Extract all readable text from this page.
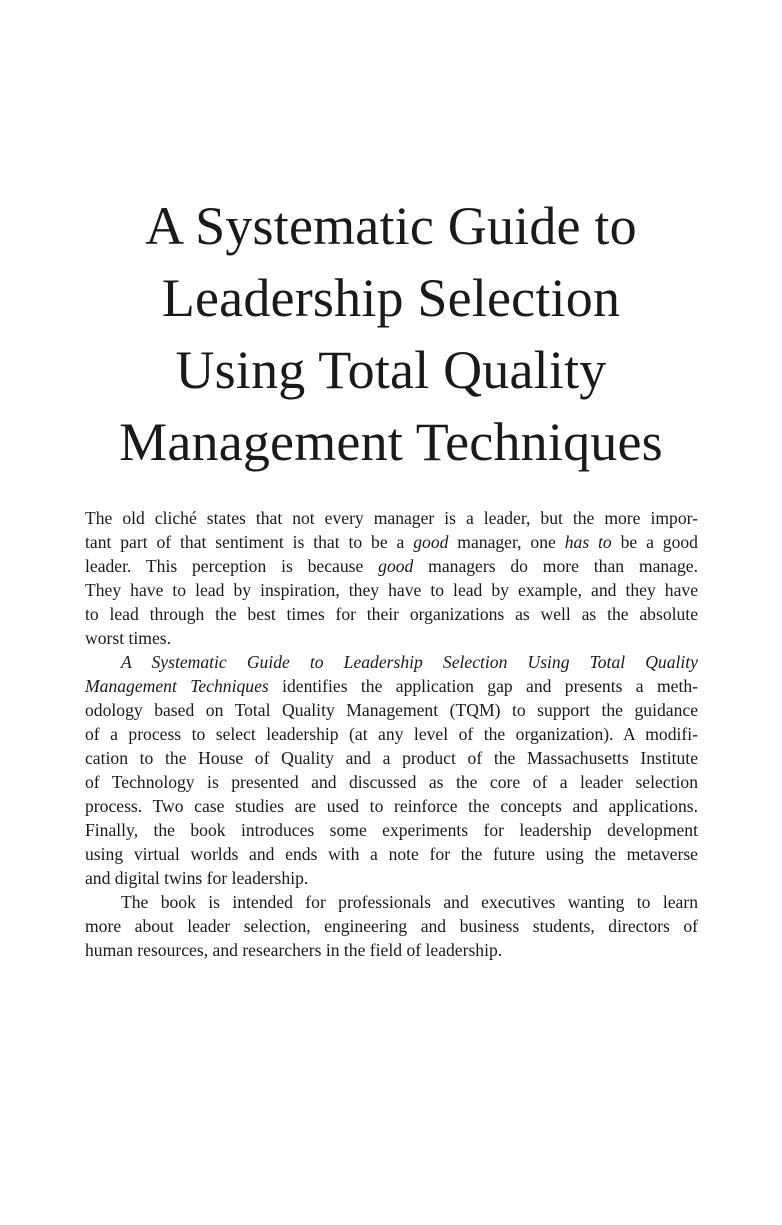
A Systematic Guide to
Leadership Selection
Using Total Quality
Management Techniques
The old cliché states that not every manager is a leader, but the more impor-
tant part of that sentiment is that to be a good manager, one has to be a good
leader. This perception is because good managers do more than manage.
They have to lead by inspiration, they have to lead by example, and they have
to lead through the best times for their organizations as well as the absolute
worst times.
A Systematic Guide to Leadership Selection Using Total Quality
Management Techniques identifies the application gap and presents a meth-
odology based on Total Quality Management (TQM) to support the guidance
of a process to select leadership (at any level of the organization). A modifi-
cation to the House of Quality and a product of the Massachusetts Institute
of Technology is presented and discussed as the core of a leader selection
process. Two case studies are used to reinforce the concepts and applications.
Finally, the book introduces some experiments for leadership development
using virtual worlds and ends with a note for the future using the metaverse
and digital twins for leadership.
The book is intended for professionals and executives wanting to learn
more about leader selection, engineering and business students, directors of
human resources, and researchers in the field of leadership.
